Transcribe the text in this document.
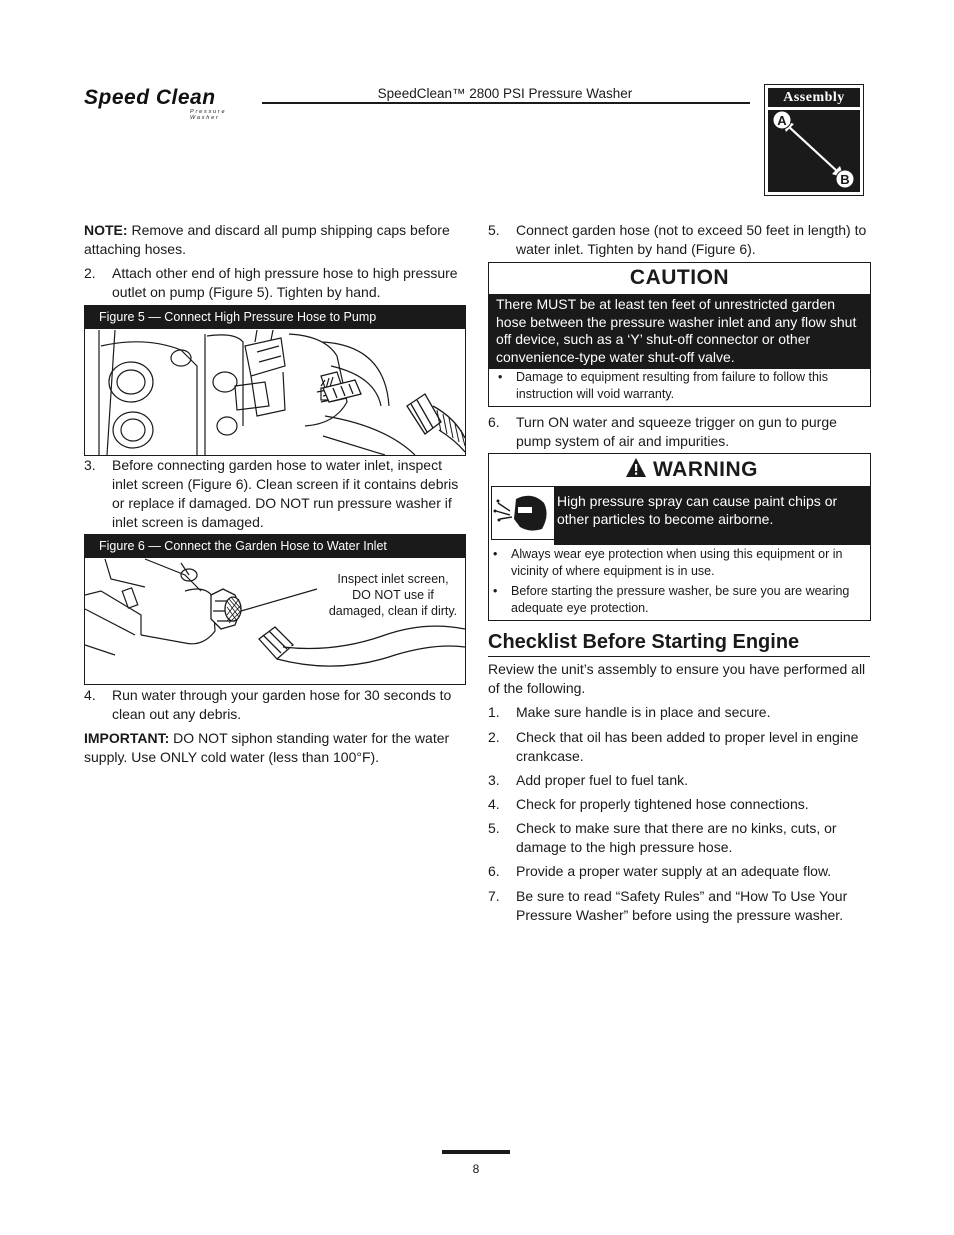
Speed Clean
Pressure Washer
SpeedClean™ 2800 PSI Pressure Washer	Assembly
A
B
NOTE: Remove and discard all pump shipping caps before attaching hoses.
2.	Attach other end of high pressure hose to high pressure outlet on pump (Figure 5). Tighten by hand.
Figure 5 — Connect High Pressure Hose to Pump
3.	Before connecting garden hose to water inlet, inspect inlet screen (Figure 6). Clean screen if it contains debris or replace if damaged. DO NOT run pressure washer if inlet screen is damaged.
Figure 6 — Connect the Garden Hose to Water Inlet
Inspect inlet screen,
DO NOT use if
damaged, clean if dirty.
4.	Run water through your garden hose for 30 seconds to clean out any debris.
IMPORTANT: DO NOT siphon standing water for the water supply. Use ONLY cold water (less than 100°F).
5.	Connect garden hose (not to exceed 50 feet in length) to water inlet. Tighten by hand (Figure 6).
CAUTION
There MUST be at least ten feet of unrestricted garden hose between the pressure washer inlet and any flow shut off device, such as a ‘Y’ shut-off connector or other convenience-type water shut-off valve.
• Damage to equipment resulting from failure to follow this instruction will void warranty.
6.	Turn ON water and squeeze trigger on gun to purge pump system of air and impurities.
WARNING
High pressure spray can cause paint chips or other particles to become airborne.
• Always wear eye protection when using this equipment or in vicinity of where equipment is in use.
• Before starting the pressure washer, be sure you are wearing adequate eye protection.
Checklist Before Starting Engine
Review the unit’s assembly to ensure you have performed all of the following.
1.	Make sure handle is in place and secure.
2.	Check that oil has been added to proper level in engine crankcase.
3.	Add proper fuel to fuel tank.
4.	Check for properly tightened hose connections.
5.	Check to make sure that there are no kinks, cuts, or damage to the high pressure hose.
6.	Provide a proper water supply at an adequate flow.
7.	Be sure to read “Safety Rules” and “How To Use Your Pressure Washer” before using the pressure washer.
8
